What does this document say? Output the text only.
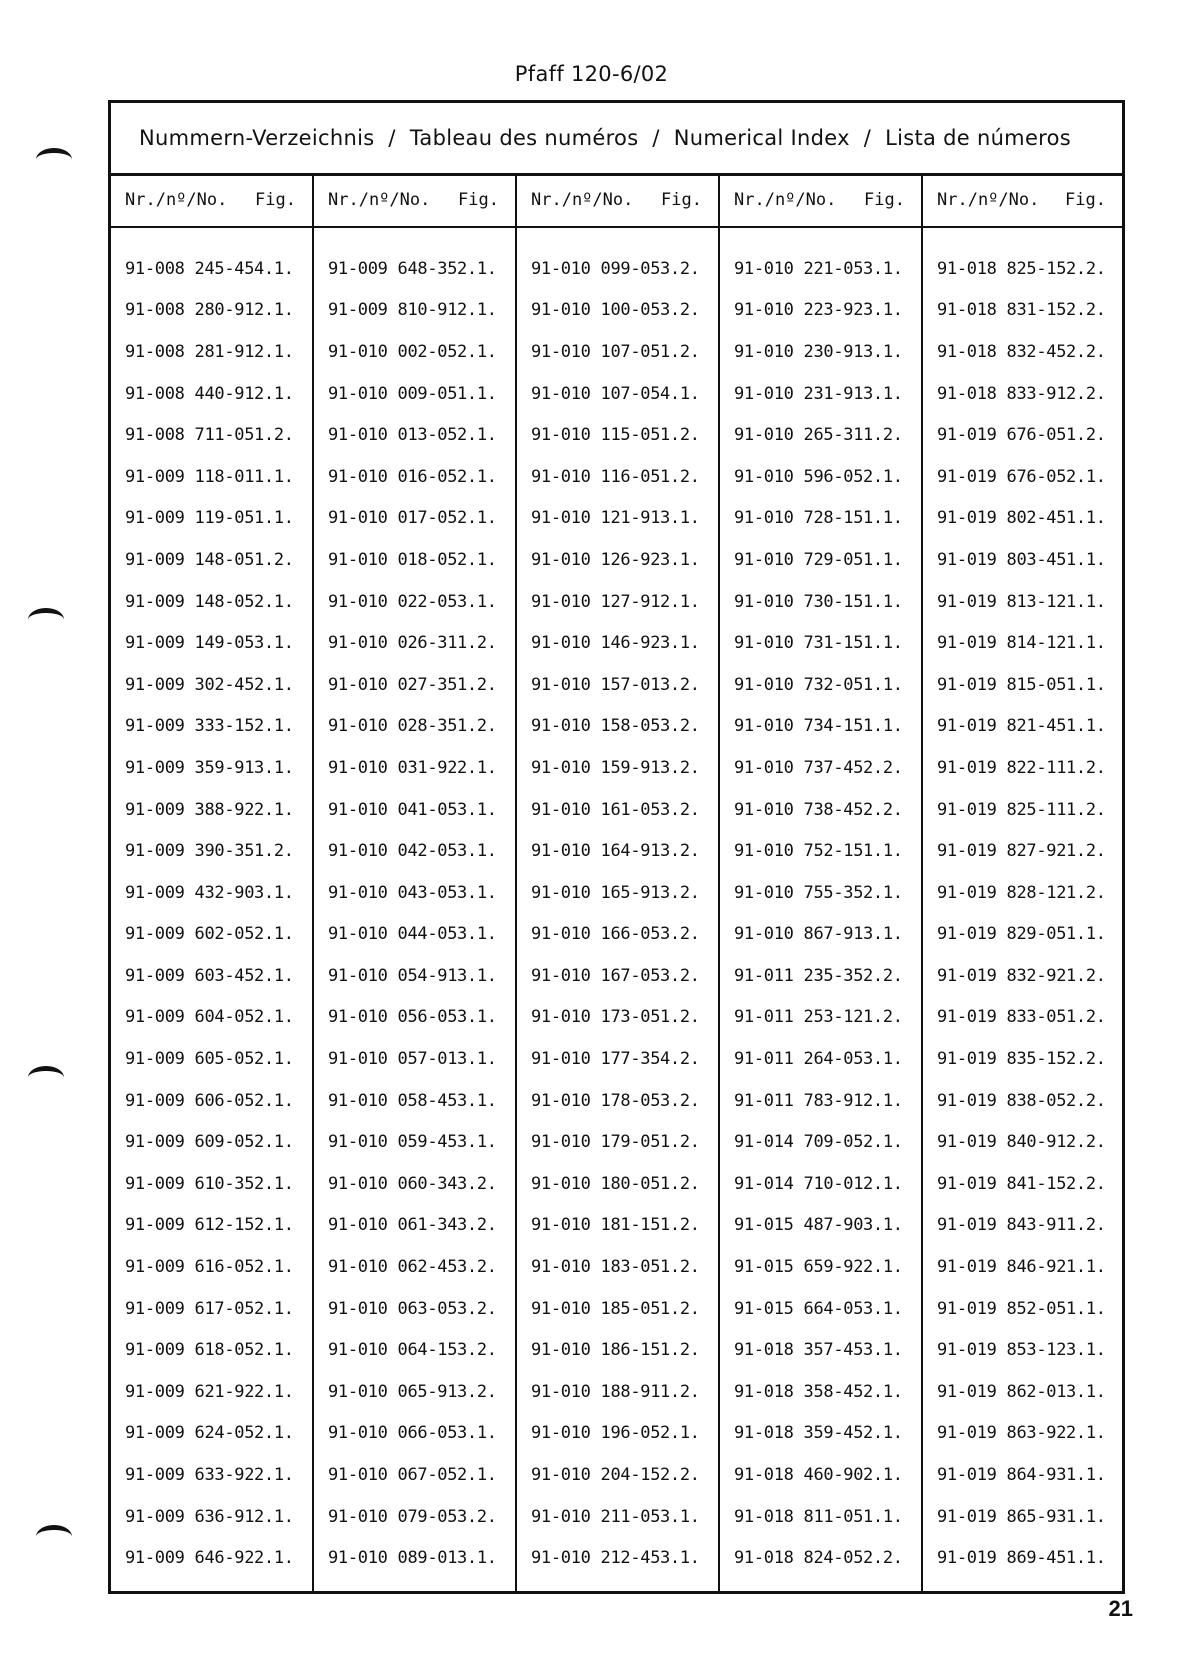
Pfaff 120-6/02
Nummern-Verzeichnis  /  Tableau des numéros  /  Numerical Index  /  Lista de números
Nr./nº/No. Fig.
91-008 245-45 4.1.
91-008 280-91 2.1.
91-008 281-91 2.1.
91-008 440-91 2.1.
91-008 711-05 1.2.
91-009 118-01 1.1.
91-009 119-05 1.1.
91-009 148-05 1.2.
91-009 148-05 2.1.
91-009 149-05 3.1.
91-009 302-45 2.1.
91-009 333-15 2.1.
91-009 359-91 3.1.
91-009 388-92 2.1.
91-009 390-35 1.2.
91-009 432-90 3.1.
91-009 602-05 2.1.
91-009 603-45 2.1.
91-009 604-05 2.1.
91-009 605-05 2.1.
91-009 606-05 2.1.
91-009 609-05 2.1.
91-009 610-35 2.1.
91-009 612-15 2.1.
91-009 616-05 2.1.
91-009 617-05 2.1.
91-009 618-05 2.1.
91-009 621-92 2.1.
91-009 624-05 2.1.
91-009 633-92 2.1.
91-009 636-91 2.1.
91-009 646-92 2.1.
Nr./nº/No. Fig.
91-009 648-35 2.1.
91-009 810-91 2.1.
91-010 002-05 2.1.
91-010 009-05 1.1.
91-010 013-05 2.1.
91-010 016-05 2.1.
91-010 017-05 2.1.
91-010 018-05 2.1.
91-010 022-05 3.1.
91-010 026-31 1.2.
91-010 027-35 1.2.
91-010 028-35 1.2.
91-010 031-92 2.1.
91-010 041-05 3.1.
91-010 042-05 3.1.
91-010 043-05 3.1.
91-010 044-05 3.1.
91-010 054-91 3.1.
91-010 056-05 3.1.
91-010 057-01 3.1.
91-010 058-45 3.1.
91-010 059-45 3.1.
91-010 060-34 3.2.
91-010 061-34 3.2.
91-010 062-45 3.2.
91-010 063-05 3.2.
91-010 064-15 3.2.
91-010 065-91 3.2.
91-010 066-05 3.1.
91-010 067-05 2.1.
91-010 079-05 3.2.
91-010 089-01 3.1.
Nr./nº/No. Fig.
91-010 099-05 3.2.
91-010 100-05 3.2.
91-010 107-05 1.2.
91-010 107-05 4.1.
91-010 115-05 1.2.
91-010 116-05 1.2.
91-010 121-91 3.1.
91-010 126-92 3.1.
91-010 127-91 2.1.
91-010 146-92 3.1.
91-010 157-01 3.2.
91-010 158-05 3.2.
91-010 159-91 3.2.
91-010 161-05 3.2.
91-010 164-91 3.2.
91-010 165-91 3.2.
91-010 166-05 3.2.
91-010 167-05 3.2.
91-010 173-05 1.2.
91-010 177-35 4.2.
91-010 178-05 3.2.
91-010 179-05 1.2.
91-010 180-05 1.2.
91-010 181-15 1.2.
91-010 183-05 1.2.
91-010 185-05 1.2.
91-010 186-15 1.2.
91-010 188-91 1.2.
91-010 196-05 2.1.
91-010 204-15 2.2.
91-010 211-05 3.1.
91-010 212-45 3.1.
Nr./nº/No. Fig.
91-010 221-05 3.1.
91-010 223-92 3.1.
91-010 230-91 3.1.
91-010 231-91 3.1.
91-010 265-31 1.2.
91-010 596-05 2.1.
91-010 728-15 1.1.
91-010 729-05 1.1.
91-010 730-15 1.1.
91-010 731-15 1.1.
91-010 732-05 1.1.
91-010 734-15 1.1.
91-010 737-45 2.2.
91-010 738-45 2.2.
91-010 752-15 1.1.
91-010 755-35 2.1.
91-010 867-91 3.1.
91-011 235-35 2.2.
91-011 253-12 1.2.
91-011 264-05 3.1.
91-011 783-91 2.1.
91-014 709-05 2.1.
91-014 710-01 2.1.
91-015 487-90 3.1.
91-015 659-92 2.1.
91-015 664-05 3.1.
91-018 357-45 3.1.
91-018 358-45 2.1.
91-018 359-45 2.1.
91-018 460-90 2.1.
91-018 811-05 1.1.
91-018 824-05 2.2.
Nr./nº/No. Fig.
91-018 825-15 2.2.
91-018 831-15 2.2.
91-018 832-45 2.2.
91-018 833-91 2.2.
91-019 676-05 1.2.
91-019 676-05 2.1.
91-019 802-45 1.1.
91-019 803-45 1.1.
91-019 813-12 1.1.
91-019 814-12 1.1.
91-019 815-05 1.1.
91-019 821-45 1.1.
91-019 822-11 1.2.
91-019 825-11 1.2.
91-019 827-92 1.2.
91-019 828-12 1.2.
91-019 829-05 1.1.
91-019 832-92 1.2.
91-019 833-05 1.2.
91-019 835-15 2.2.
91-019 838-05 2.2.
91-019 840-91 2.2.
91-019 841-15 2.2.
91-019 843-91 1.2.
91-019 846-92 1.1.
91-019 852-05 1.1.
91-019 853-12 3.1.
91-019 862-01 3.1.
91-019 863-92 2.1.
91-019 864-93 1.1.
91-019 865-93 1.1.
91-019 869-45 1.1.
21
